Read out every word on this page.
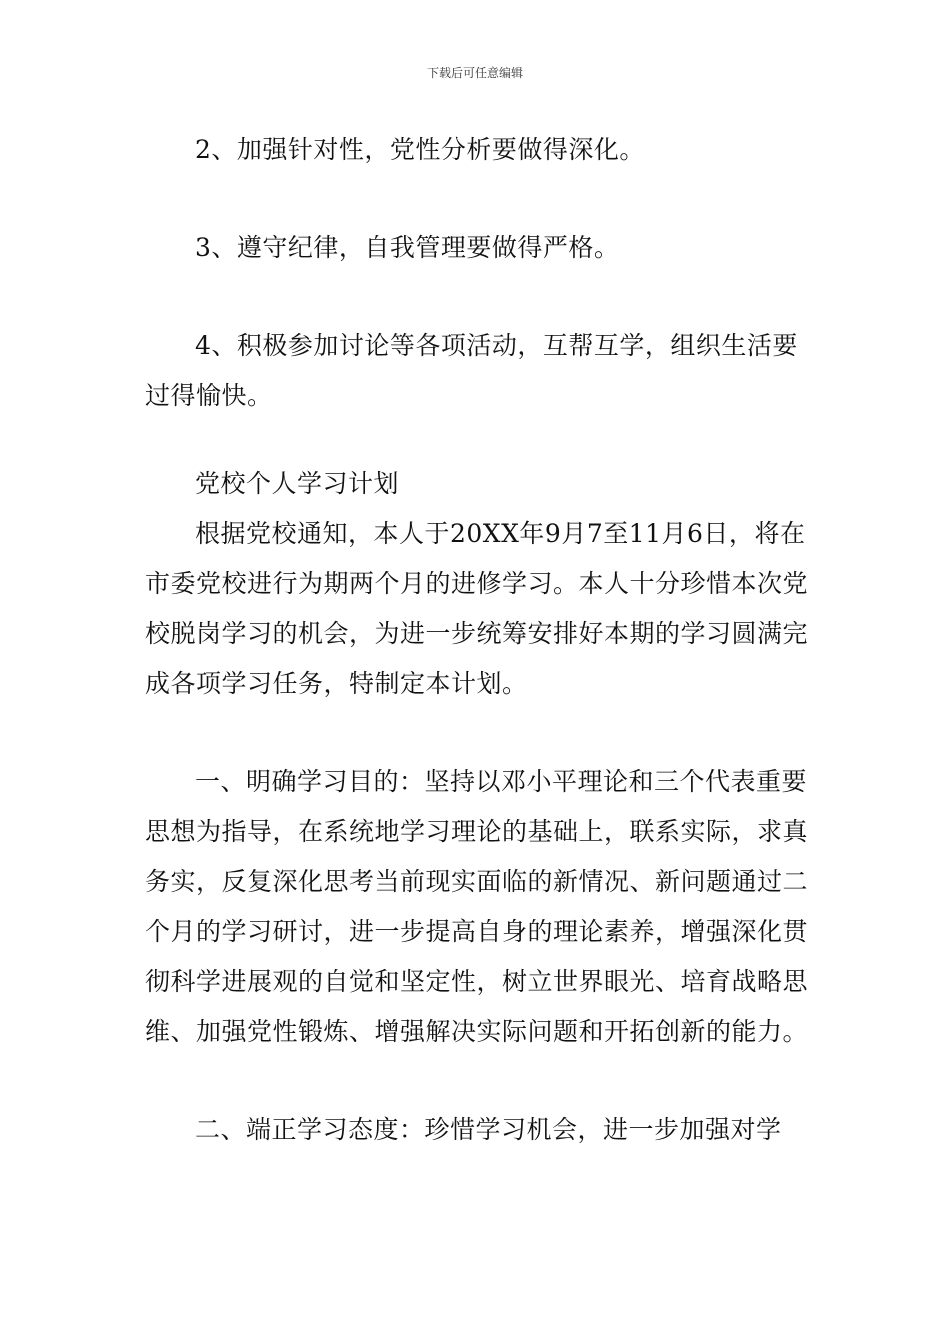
下载后可任意编辑

2、加强针对性，党性分析要做得深化。

3、遵守纪律，自我管理要做得严格。

4、积极参加讨论等各项活动，互帮互学，组织生活要过得愉快。

党校个人学习计划

根据党校通知，本人于20XX年9月7至11月6日，将在市委党校进行为期两个月的进修学习。本人十分珍惜本次党校脱岗学习的机会，为进一步统筹安排好本期的学习圆满完成各项学习任务，特制定本计划。

一、明确学习目的：坚持以邓小平理论和三个代表重要思想为指导，在系统地学习理论的基础上，联系实际，求真务实，反复深化思考当前现实面临的新情况、新问题通过二个月的学习研讨，进一步提高自身的理论素养，增强深化贯彻科学进展观的自觉和坚定性，树立世界眼光、培育战略思维、加强党性锻炼、增强解决实际问题和开拓创新的能力。

二、端正学习态度：珍惜学习机会，进一步加强对学
